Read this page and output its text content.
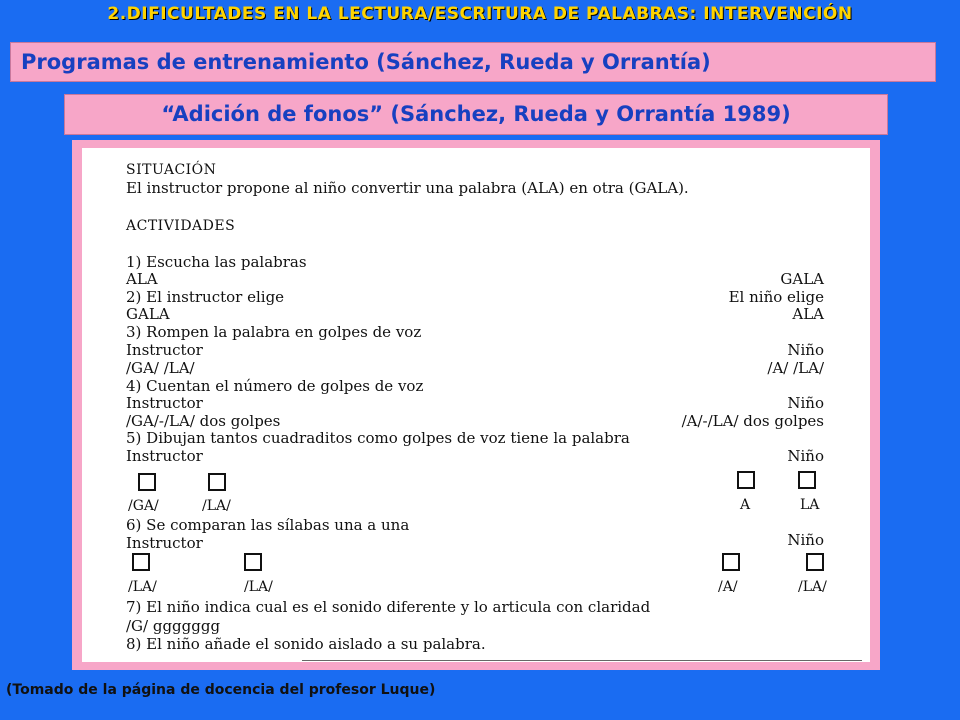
2.DIFICULTADES EN LA LECTURA/ESCRITURA DE PALABRAS: INTERVENCIÓN
Programas de entrenamiento (Sánchez, Rueda y Orrantía)
“Adición de fonos” (Sánchez, Rueda y Orrantía 1989)
SITUACIÓN
El instructor propone al niño convertir una palabra (ALA) en otra (GALA).
ACTIVIDADES
1) Escucha las palabras
ALA	GALA
2) El instructor elige	El niño elige
GALA	ALA
3) Rompen la palabra en golpes de voz
Instructor	Niño
/GA/ /LA/	/A/ /LA/
4) Cuentan el número de golpes de voz
Instructor	Niño
/GA/-/LA/ dos golpes	/A/-/LA/ dos golpes
5) Dibujan tantos cuadraditos como golpes de voz tiene la palabra
Instructor	Niño
/GA/	/LA/	A	LA
6) Se comparan las sílabas una a una
Instructor	Niño
/LA/	/LA/	/A/	/LA/
7) El niño indica cual es el sonido diferente y lo articula con claridad
/G/ ggggggg
8) El niño añade el sonido aislado a su palabra.
(Tomado de la página de docencia del profesor Luque)
